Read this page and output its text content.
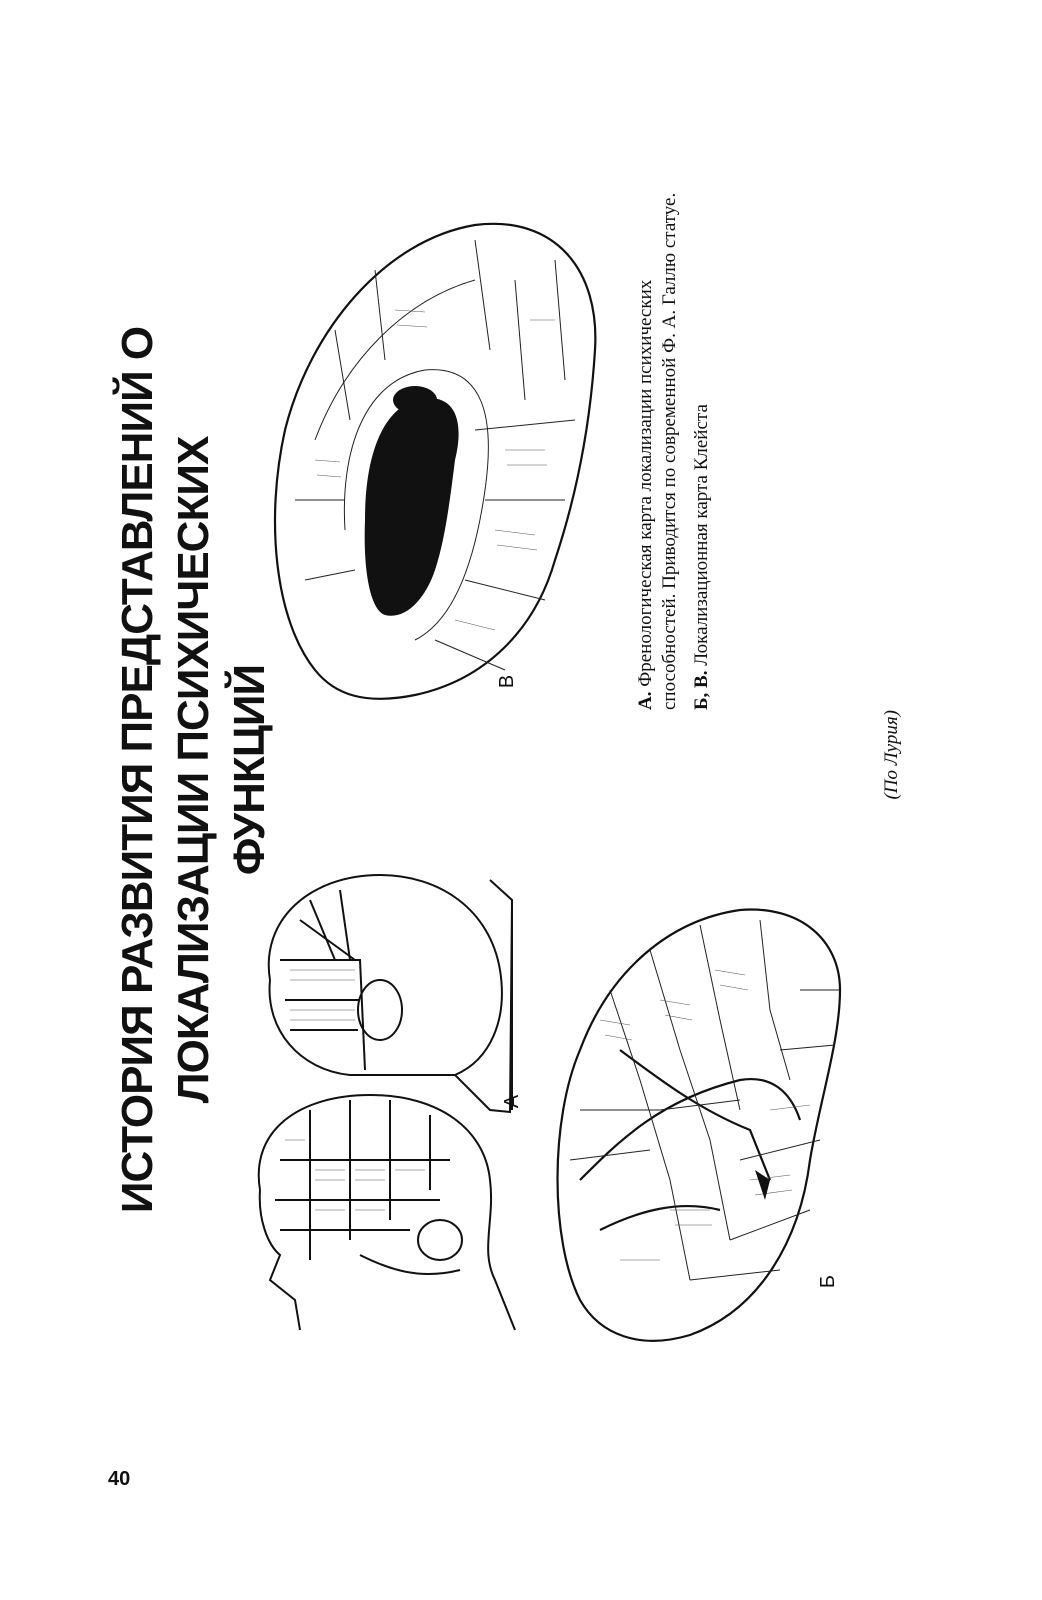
ИСТОРИЯ РАЗВИТИЯ ПРЕДСТАВЛЕНИЙ О ЛОКАЛИЗАЦИИ ПСИХИЧЕСКИХ ФУНКЦИЙ
А
Б
В

А. Френологическая карта локализации психических способностей. Приводится по современной Ф. А. Галлю статуе. Б, В. Локализационная карта Клейста

(По Лурия)
40
